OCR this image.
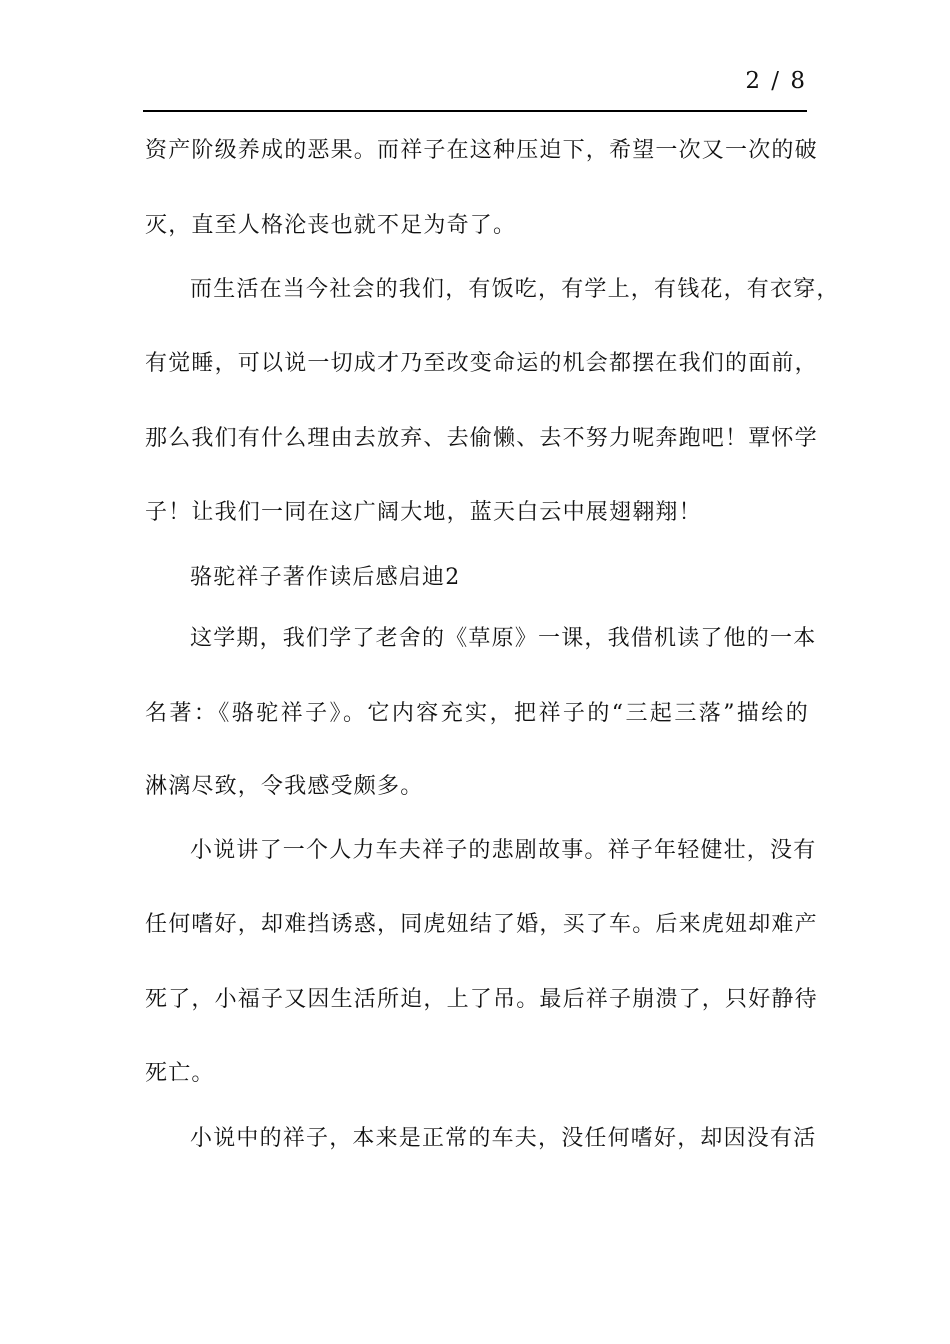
2 / 8
资产阶级养成的恶果。而祥子在这种压迫下，希望一次又一次的破
灭，直至人格沦丧也就不足为奇了。
而生活在当今社会的我们，有饭吃，有学上，有钱花，有衣穿，
有觉睡，可以说一切成才乃至改变命运的机会都摆在我们的面前，
那么我们有什么理由去放弃、去偷懒、去不努力呢奔跑吧！覃怀学
子！让我们一同在这广阔大地，蓝天白云中展翅翱翔！
骆驼祥子著作读后感启迪2
这学期，我们学了老舍的《草原》一课，我借机读了他的一本
名著：《骆驼祥子》。它内容充实，把祥子的“三起三落”描绘的
淋漓尽致，令我感受颇多。
小说讲了一个人力车夫祥子的悲剧故事。祥子年轻健壮，没有
任何嗜好，却难挡诱惑，同虎妞结了婚，买了车。后来虎妞却难产
死了，小福子又因生活所迫，上了吊。最后祥子崩溃了，只好静待
死亡。
小说中的祥子，本来是正常的车夫，没任何嗜好，却因没有活
